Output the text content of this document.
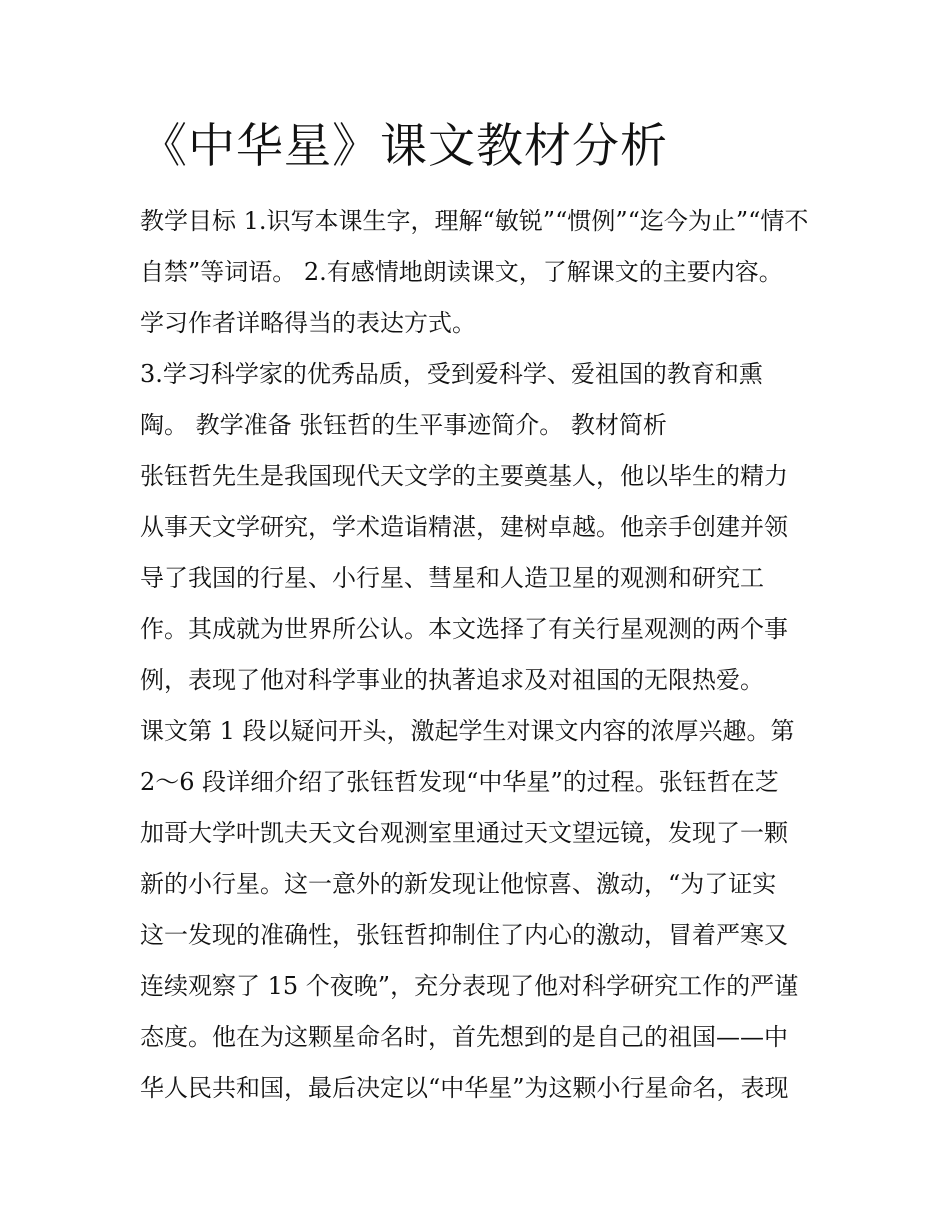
《中华星》课文教材分析
教学目标 1.识写本课生字，理解“敏锐”“惯例”“迄今为止”“情不
自禁”等词语。 2.有感情地朗读课文，了解课文的主要内容。
学习作者详略得当的表达方式。
3.学习科学家的优秀品质，受到爱科学、爱祖国的教育和熏
陶。 教学准备 张钰哲的生平事迹简介。 教材简析
张钰哲先生是我国现代天文学的主要奠基人，他以毕生的精力
从事天文学研究，学术造诣精湛，建树卓越。他亲手创建并领
导了我国的行星、小行星、彗星和人造卫星的观测和研究工
作。其成就为世界所公认。本文选择了有关行星观测的两个事
例，表现了他对科学事业的执著追求及对祖国的无限热爱。
课文第 1 段以疑问开头，激起学生对课文内容的浓厚兴趣。第
2～6 段详细介绍了张钰哲发现“中华星”的过程。张钰哲在芝
加哥大学叶凯夫天文台观测室里通过天文望远镜，发现了一颗
新的小行星。这一意外的新发现让他惊喜、激动，“为了证实
这一发现的准确性，张钰哲抑制住了内心的激动，冒着严寒又
连续观察了 15 个夜晚”，充分表现了他对科学研究工作的严谨
态度。他在为这颗星命名时，首先想到的是自己的祖国——中
华人民共和国，最后决定以“中华星”为这颗小行星命名，表现
